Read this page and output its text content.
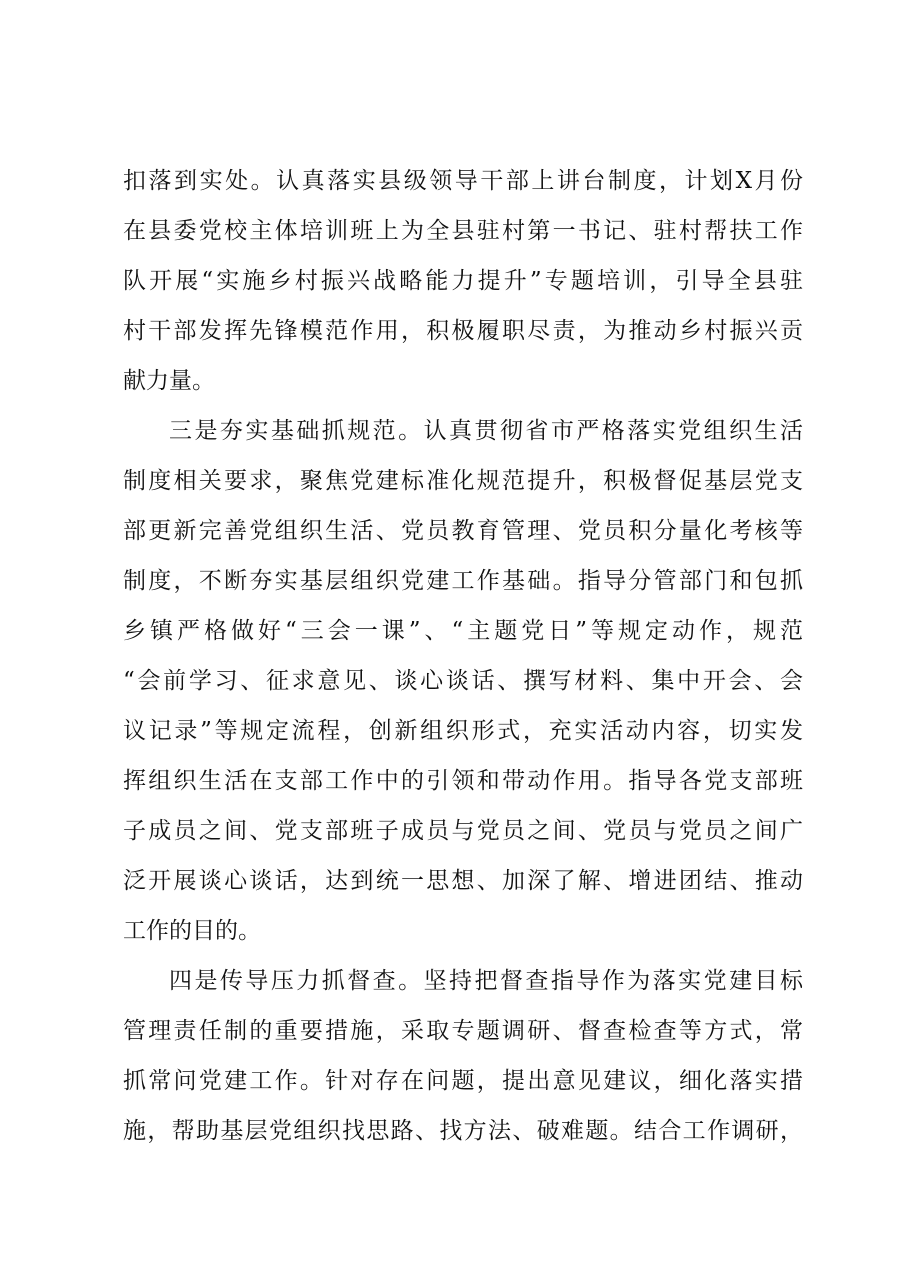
扣落到实处。认真落实县级领导干部上讲台制度，计划X月份
在县委党校主体培训班上为全县驻村第一书记、驻村帮扶工作
队开展“实施乡村振兴战略能力提升”专题培训，引导全县驻
村干部发挥先锋模范作用，积极履职尽责，为推动乡村振兴贡
献力量。
三是夯实基础抓规范。认真贯彻省市严格落实党组织生活
制度相关要求，聚焦党建标准化规范提升，积极督促基层党支
部更新完善党组织生活、党员教育管理、党员积分量化考核等
制度，不断夯实基层组织党建工作基础。指导分管部门和包抓
乡镇严格做好“三会一课”、“主题党日”等规定动作，规范
“会前学习、征求意见、谈心谈话、撰写材料、集中开会、会
议记录”等规定流程，创新组织形式，充实活动内容，切实发
挥组织生活在支部工作中的引领和带动作用。指导各党支部班
子成员之间、党支部班子成员与党员之间、党员与党员之间广
泛开展谈心谈话，达到统一思想、加深了解、增进团结、推动
工作的目的。
四是传导压力抓督查。坚持把督查指导作为落实党建目标
管理责任制的重要措施，采取专题调研、督查检查等方式，常
抓常问党建工作。针对存在问题，提出意见建议，细化落实措
施，帮助基层党组织找思路、找方法、破难题。结合工作调研，
